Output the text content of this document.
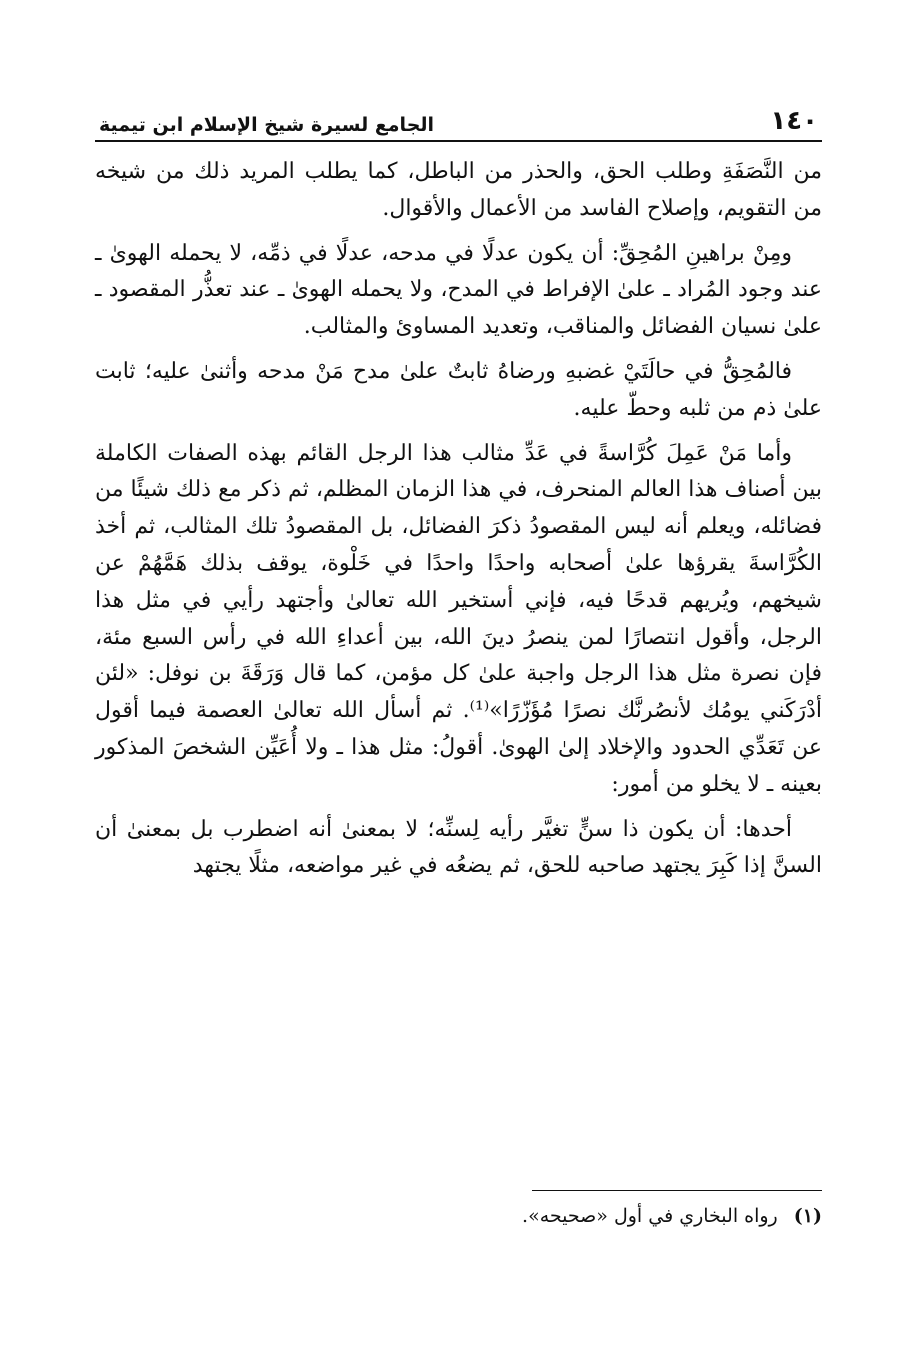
١٤٠
الجامع لسيرة شيخ الإسلام ابن تيمية

من النَّصَفَةِ وطلب الحق، والحذر من الباطل، كما يطلب المريد ذلك من شيخه من التقويم، وإصلاح الفاسد من الأعمال والأقوال.

ومِنْ براهينِ المُحِقِّ: أن يكون عدلًا في مدحه، عدلًا في ذمِّه، لا يحمله الهوىٰ ـ عند وجود المُراد ـ علىٰ الإفراط في المدح، ولا يحمله الهوىٰ ـ عند تعذُّر المقصود ـ علىٰ نسيان الفضائل والمناقب، وتعديد المساوئ والمثالب.

فالمُحِقُّ في حالَتَيْ غضبهِ ورضاهُ ثابتٌ علىٰ مدح مَنْ مدحه وأثنىٰ عليه؛ ثابت علىٰ ذم من ثلبه وحطّ عليه.

وأما مَنْ عَمِلَ كُرَّاسةً في عَدِّ مثالب هذا الرجل القائم بهذه الصفات الكاملة بين أصناف هذا العالم المنحرف، في هذا الزمان المظلم، ثم ذكر مع ذلك شيئًا من فضائله، ويعلم أنه ليس المقصودُ ذكرَ الفضائل، بل المقصودُ تلك المثالب، ثم أخذ الكُرَّاسةَ يقرؤها علىٰ أصحابه واحدًا واحدًا في خَلْوة، يوقف بذلك هَمَّهُمْ عن شيخهم، ويُريهم قدحًا فيه، فإني أستخير الله تعالىٰ وأجتهد رأيي في مثل هذا الرجل، وأقول انتصارًا لمن ينصرُ دينَ الله، بين أعداءِ الله في رأس السبع مئة، فإن نصرة مثل هذا الرجل واجبة علىٰ كل مؤمن، كما قال وَرَقَةَ بن نوفل: «لئن أدْرَكَني يومُك لأنصُرنَّك نصرًا مُؤَزّرًا»⁽¹⁾. ثم أسأل الله تعالىٰ العصمة فيما أقول عن تَعَدِّي الحدود والإخلاد إلىٰ الهوىٰ. أقولُ: مثل هذا ـ ولا أُعَيِّن الشخصَ المذكور بعينه ـ لا يخلو من أمور:

أحدها: أن يكون ذا سنٍّ تغيَّر رأيه لِسنِّه؛ لا بمعنىٰ أنه اضطرب بل بمعنىٰ أن السنَّ إذا كَبِرَ يجتهد صاحبه للحق، ثم يضعُه في غير مواضعه، مثلًا يجتهد

(١) رواه البخاري في أول «صحيحه».
